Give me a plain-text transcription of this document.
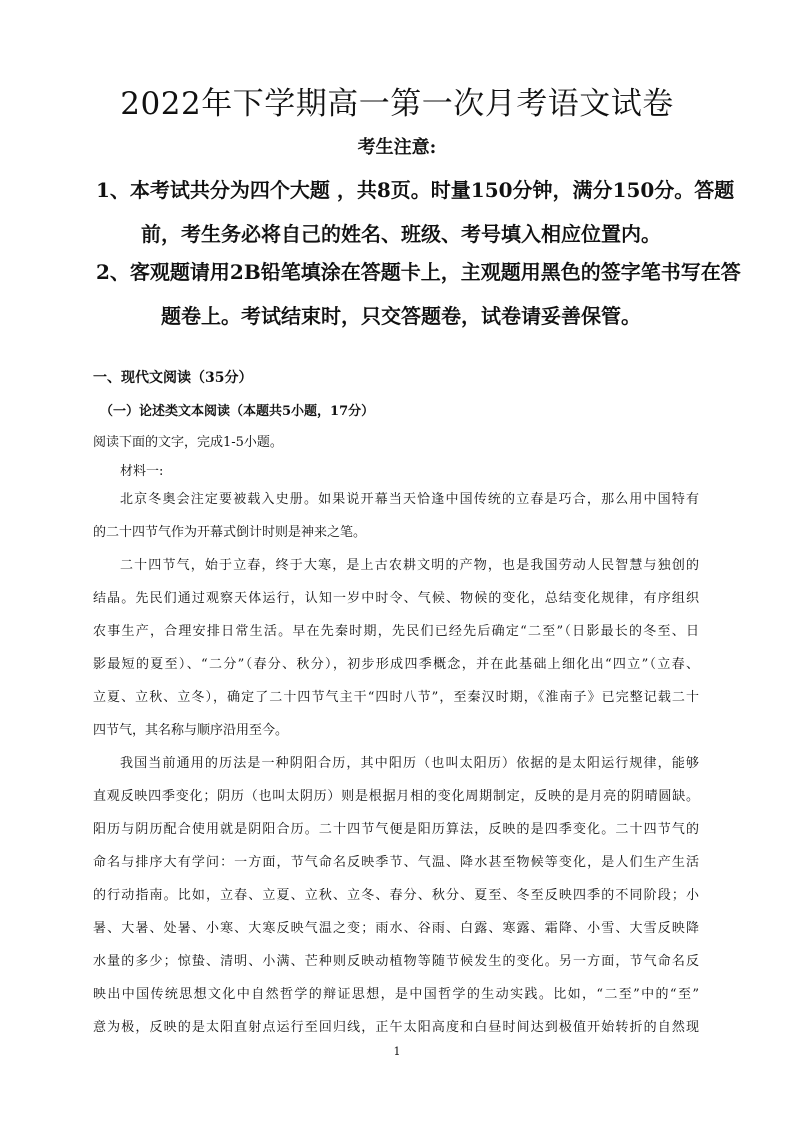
2022年下学期高一第一次月考语文试卷
考生注意:
1、本考试共分为四个大题 ，共8页。时量150分钟，满分150分。答题
前，考生务必将自己的姓名、班级、考号填入相应位置内。
2、客观题请用2B铅笔填涂在答题卡上，主观题用黑色的签字笔书写在答
题卷上。考试结束时，只交答题卷，试卷请妥善保管。
一、现代文阅读（35分）
（一）论述类文本阅读（本题共5小题，17分）
阅读下面的文字，完成1-5小题。
材料一:
北京冬奥会注定要被载入史册。如果说开幕当天恰逢中国传统的立春是巧合，那么用中国特有
的二十四节气作为开幕式倒计时则是神来之笔。
二十四节气，始于立春，终于大寒，是上古农耕文明的产物，也是我国劳动人民智慧与独创的
结晶。先民们通过观察天体运行，认知一岁中时令、气候、物候的变化，总结变化规律，有序组织
农事生产，合理安排日常生活。早在先秦时期，先民们已经先后确定“二至”（日影最长的冬至、日
影最短的夏至）、“二分”（春分、秋分），初步形成四季概念，并在此基础上细化出“四立”（立春、
立夏、立秋、立冬），确定了二十四节气主干“四时八节”，至秦汉时期，《淮南子》已完整记载二十
四节气，其名称与顺序沿用至今。
我国当前通用的历法是一种阴阳合历，其中阳历（也叫太阳历）依据的是太阳运行规律，能够
直观反映四季变化；阴历（也叫太阴历）则是根据月相的变化周期制定，反映的是月亮的阴晴圆缺。
阳历与阴历配合使用就是阴阳合历。二十四节气便是阳历算法，反映的是四季变化。二十四节气的
命名与排序大有学问：一方面，节气命名反映季节、气温、降水甚至物候等变化，是人们生产生活
的行动指南。比如，立春、立夏、立秋、立冬、春分、秋分、夏至、冬至反映四季的不同阶段；小
暑、大暑、处暑、小寒、大寒反映气温之变；雨水、谷雨、白露、寒露、霜降、小雪、大雪反映降
水量的多少；惊蛰、清明、小满、芒种则反映动植物等随节候发生的变化。另一方面，节气命名反
映出中国传统思想文化中自然哲学的辩证思想，是中国哲学的生动实践。比如，“二至”中的“至”
意为极，反映的是太阳直射点运行至回归线，正午太阳高度和白昼时间达到极值开始转折的自然现
1
